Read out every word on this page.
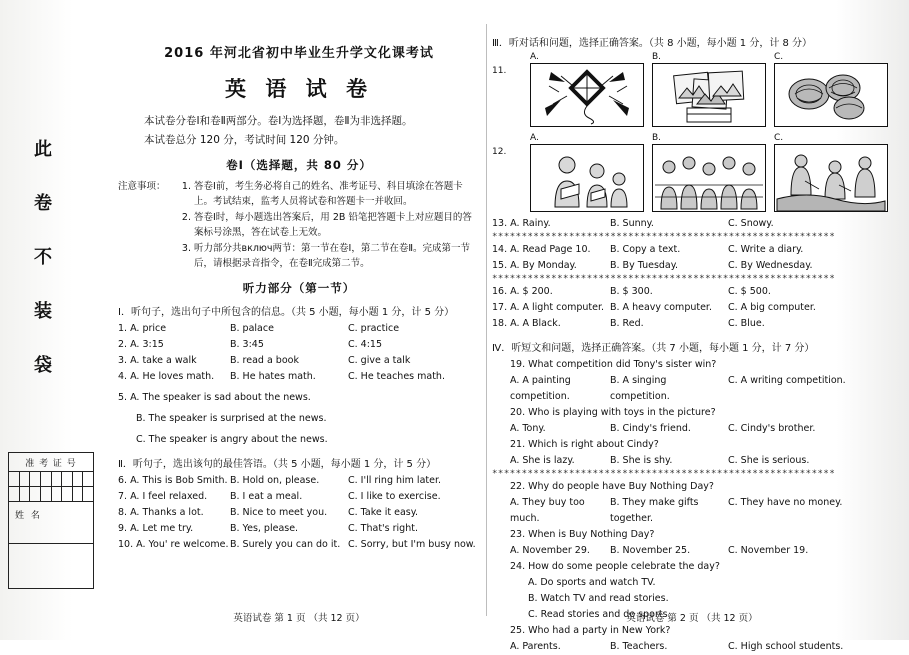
此
卷
不
装
袋
准 考 证 号
姓 名
2016 年河北省初中毕业生升学文化课考试
英 语 试 卷

本试卷分卷Ⅰ和卷Ⅱ两部分。卷Ⅰ为选择题，卷Ⅱ为非选择题。

本试卷总分 120 分，考试时间 120 分钟。

卷Ⅰ（选择题，共 80 分）
注意事项：	1. 答卷Ⅰ前，考生务必将自己的姓名、准考证号、科目填涂在答题卡上。考试结束，监考人员将试卷和答题卡一并收回。
2. 答卷Ⅰ时，每小题选出答案后，用 2B 铅笔把答题卡上对应题目的答案标号涂黑，答在试卷上无效。
3. 听力部分共включ两节：第一节在卷Ⅰ，第二节在卷Ⅱ。完成第一节后，请根据录音指令，在卷Ⅱ完成第二节。
听力部分（第一节）
Ⅰ．听句子，选出句子中所包含的信息。（共 5 小题，每小题 1 分，计 5 分）
1. A. price	B. palace	C. practice
2. A. 3:15	B. 3:45	C. 4:15
3. A. take a walk	B. read a book	C. give a talk
4. A. He loves math.	B. He hates math.	C. He teaches math.
5. A. The speaker is sad about the news.
B. The speaker is surprised at the news.
C. The speaker is angry about the news.
Ⅱ．听句子，选出该句的最佳答语。（共 5 小题，每小题 1 分，计 5 分）
6. A. This is Bob Smith. B. Hold on, please.	C. I'll ring him later.
7. A. I feel relaxed.	B. I eat a meal.	C. I like to exercise.
8. A. Thanks a lot.	B. Nice to meet you.	C. Take it easy.
9. A. Let me try.	B. Yes, please.	C. That's right.
10. A. You' re welcome. B. Surely you can do it. C. Sorry, but I'm busy now.
英语试卷 第 1 页 （共 12 页）
Ⅲ．听对话和问题，选择正确答案。（共 8 小题，每小题 1 分，计 8 分）
11.
A.	B.	C.
12.
A.	B.	C.
13. A. Rainy.	B. Sunny.	C. Snowy.
**********************************************************
14. A. Read Page 10.	B. Copy a text.	C. Write a diary.
15. A. By Monday.	B. By Tuesday.	C. By Wednesday.
**********************************************************
16. A. $ 200.	B. $ 300.	C. $ 500.
17. A. A light computer. B. A heavy computer.	C. A big computer.
18. A. A Black.	B. Red.	C. Blue.
Ⅳ．听短文和问题，选择正确答案。（共 7 小题，每小题 1 分，计 7 分）
19. What competition did Tony's sister win?
A. A painting competition.
B. A singing competition.
C. A writing competition.
20. Who is playing with toys in the picture?
A. Tony.	B. Cindy's friend.	C. Cindy's brother.
21. Which is right about Cindy?
A. She is lazy.	B. She is shy.	C. She is serious.
**********************************************************
22. Why do people have Buy Nothing Day?
A. They buy too much.
B. They make gifts together.
C. They have no money.
23. When is Buy Nothing Day?
A. November 29.	B. November 25.	C. November 19.
24. How do some people celebrate the day?
A. Do sports and watch TV.
B. Watch TV and read stories.
C. Read stories and do sports.
25. Who had a party in New York?
A. Parents.	B. Teachers.	C. High school students.
英语试卷 第 2 页 （共 12 页）
